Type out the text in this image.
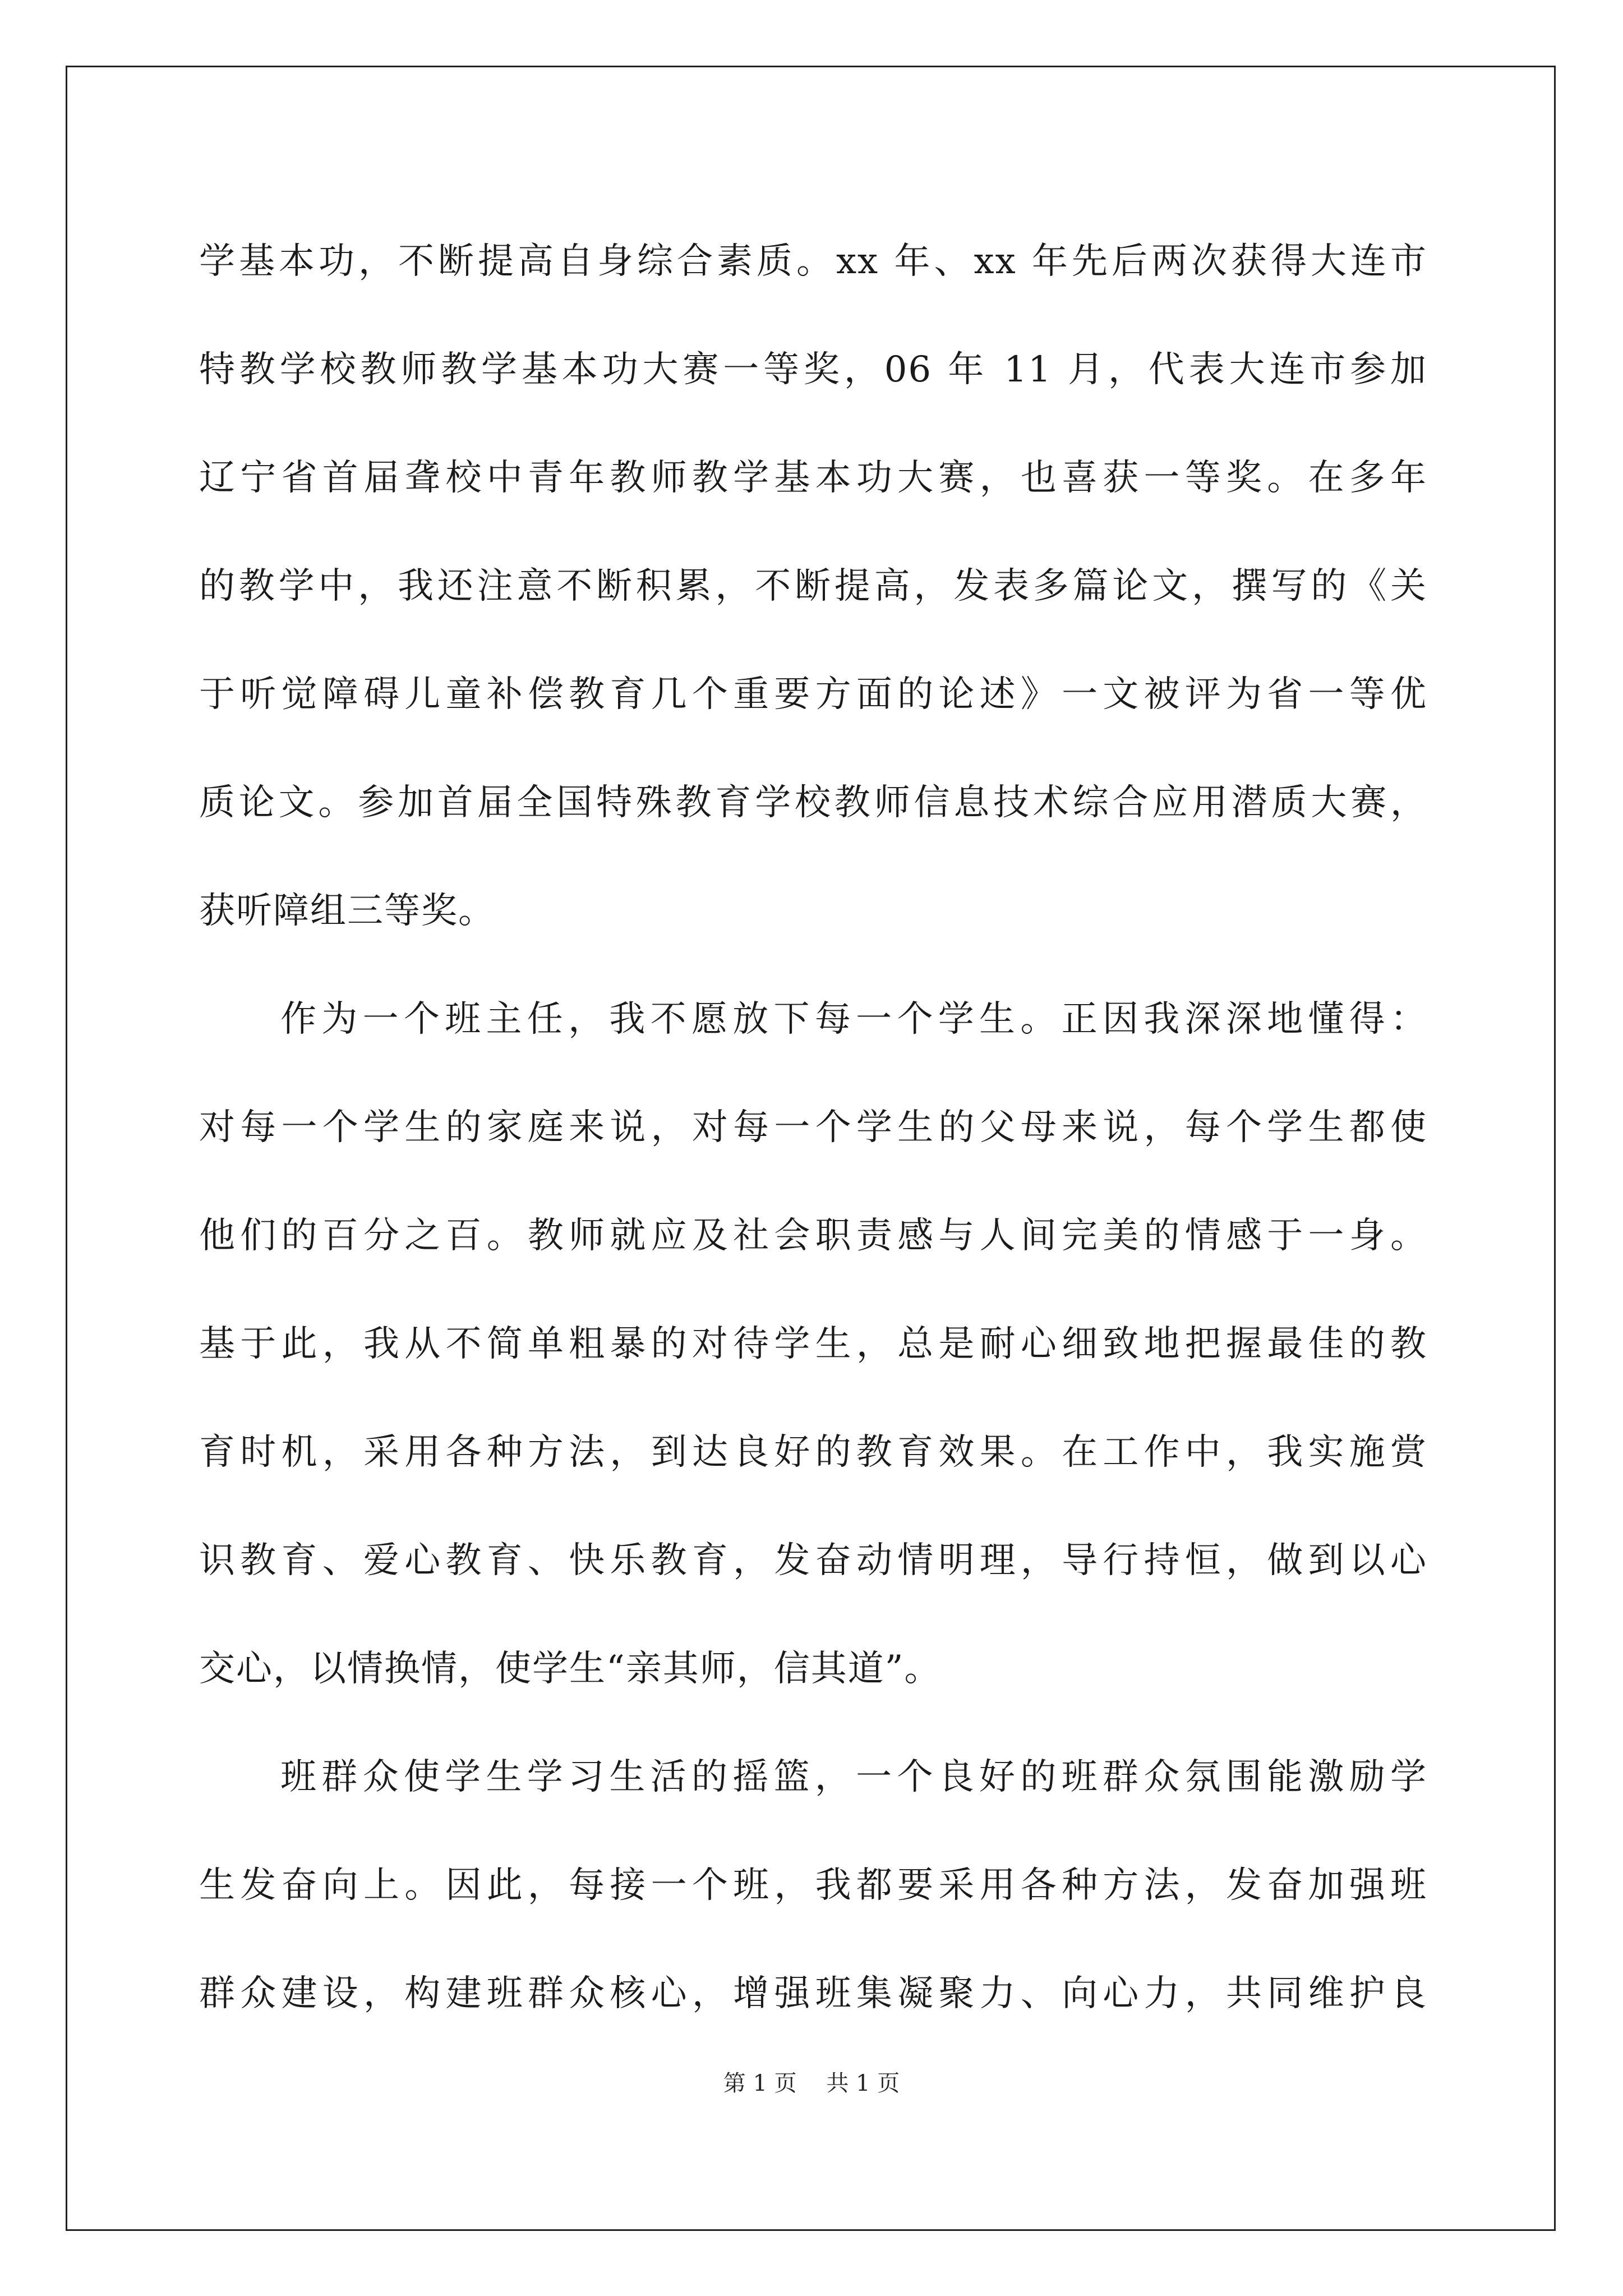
学基本功，不断提高自身综合素质。xx 年、xx 年先后两次获得大连市
特教学校教师教学基本功大赛一等奖，06 年 11 月，代表大连市参加
辽宁省首届聋校中青年教师教学基本功大赛，也喜获一等奖。在多年
的教学中，我还注意不断积累，不断提高，发表多篇论文，撰写的《关
于听觉障碍儿童补偿教育几个重要方面的论述》一文被评为省一等优
质论文。参加首届全国特殊教育学校教师信息技术综合应用潜质大赛，
获听障组三等奖。
作为一个班主任，我不愿放下每一个学生。正因我深深地懂得：
对每一个学生的家庭来说，对每一个学生的父母来说，每个学生都使
他们的百分之百。教师就应及社会职责感与人间完美的情感于一身。
基于此，我从不简单粗暴的对待学生，总是耐心细致地把握最佳的教
育时机，采用各种方法，到达良好的教育效果。在工作中，我实施赏
识教育、爱心教育、快乐教育，发奋动情明理，导行持恒，做到以心
交心，以情换情，使学生“亲其师，信其道”。
班群众使学生学习生活的摇篮，一个良好的班群众氛围能激励学
生发奋向上。因此，每接一个班，我都要采用各种方法，发奋加强班
群众建设，构建班群众核心，增强班集凝聚力、向心力，共同维护良
第 1 页　 共 1 页
